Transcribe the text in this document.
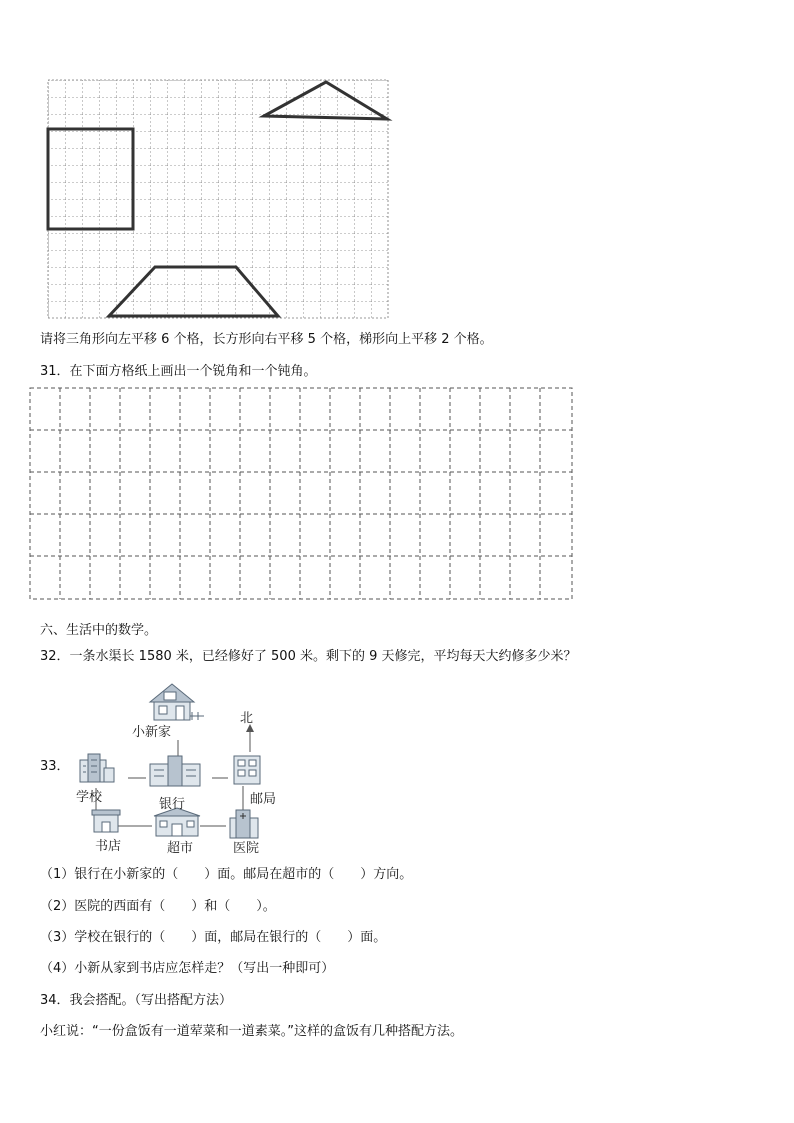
请将三角形向左平移 6 个格，长方形向右平移 5 个格，梯形向上平移 2 个格。
31．在下面方格纸上画出一个锐角和一个钝角。
六、生活中的数学。
32．一条水渠长 1580 米，已经修好了 500 米。剩下的 9 天修完，平均每天大约修多少米？
33．
北
小新家
学校	银行	邮局
书店	超市	医院
（1）银行在小新家的（　　）面。邮局在超市的（　　）方向。
（2）医院的西面有（　　）和（　　）。
（3）学校在银行的（　　）面，邮局在银行的（　　）面。
（4）小新从家到书店应怎样走？（写出一种即可）
34．我会搭配。（写出搭配方法）
小红说：“一份盒饭有一道荤菜和一道素菜。”这样的盒饭有几种搭配方法。
